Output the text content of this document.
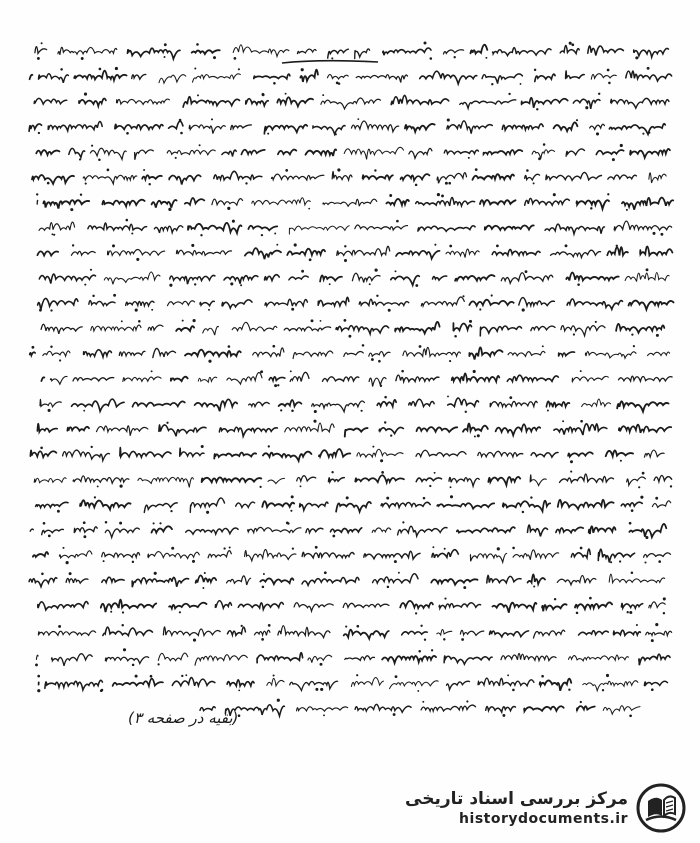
(بقیه در صفحه ۳)
مرکز بررسی اسناد تاریخی
historydocuments.ir
